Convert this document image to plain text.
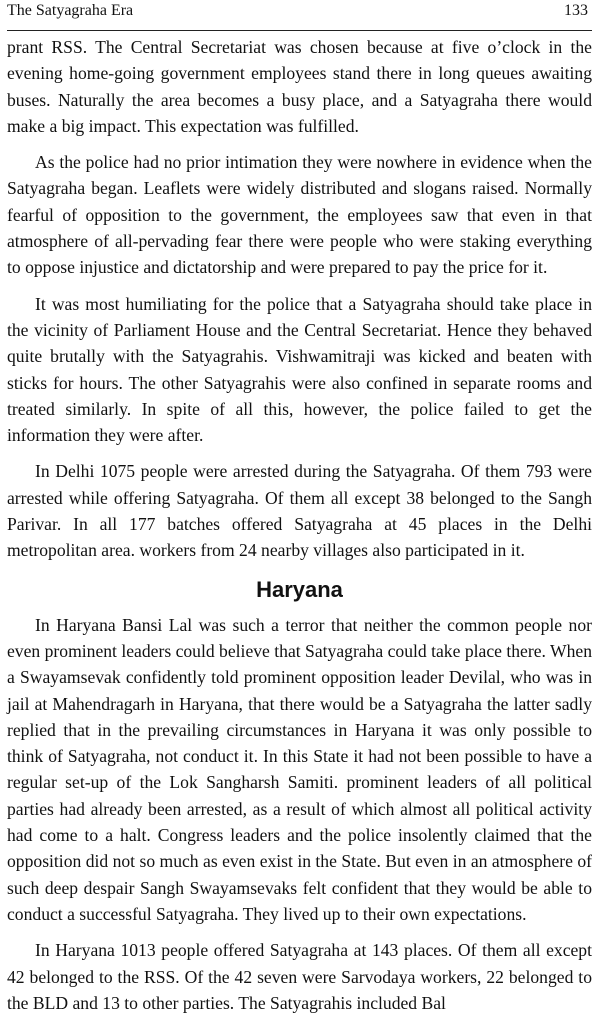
The Satyagraha Era	133

prant RSS. The Central Secretariat was chosen because at five o’clock in the evening home-going government employees stand there in long queues awaiting buses. Naturally the area becomes a busy place, and a Satyagraha there would make a big impact. This expectation was fulfilled.

As the police had no prior intimation they were nowhere in evidence when the Satyagraha began. Leaflets were widely distributed and slogans raised. Normally fearful of opposition to the government, the employees saw that even in that atmosphere of all-pervading fear there were people who were staking everything to oppose injustice and dictatorship and were prepared to pay the price for it.

It was most humiliating for the police that a Satyagraha should take place in the vicinity of Parliament House and the Central Secretariat. Hence they behaved quite brutally with the Satyagrahis. Vishwamitraji was kicked and beaten with sticks for hours. The other Satyagrahis were also confined in separate rooms and treated similarly. In spite of all this, however, the police failed to get the information they were after.

In Delhi 1075 people were arrested during the Satyagraha. Of them 793 were arrested while offering Satyagraha. Of them all except 38 belonged to the Sangh Parivar. In all 177 batches offered Satyagraha at 45 places in the Delhi metropolitan area. workers from 24 nearby villages also participated in it.

Haryana

In Haryana Bansi Lal was such a terror that neither the common people nor even prominent leaders could believe that Satyagraha could take place there. When a Swayamsevak confidently told prominent opposition leader Devilal, who was in jail at Mahendragarh in Haryana, that there would be a Satyagraha the latter sadly replied that in the prevailing circumstances in Haryana it was only possible to think of Satyagraha, not conduct it. In this State it had not been possible to have a regular set-up of the Lok Sangharsh Samiti. prominent leaders of all political parties had already been arrested, as a result of which almost all political activity had come to a halt. Congress leaders and the police insolently claimed that the opposition did not so much as even exist in the State. But even in an atmosphere of such deep despair Sangh Swayamsevaks felt confident that they would be able to conduct a successful Satyagraha. They lived up to their own expectations.

In Haryana 1013 people offered Satyagraha at 143 places. Of them all except 42 belonged to the RSS. Of the 42 seven were Sarvodaya workers, 22 belonged to the BLD and 13 to other parties. The Satyagrahis included Bal
